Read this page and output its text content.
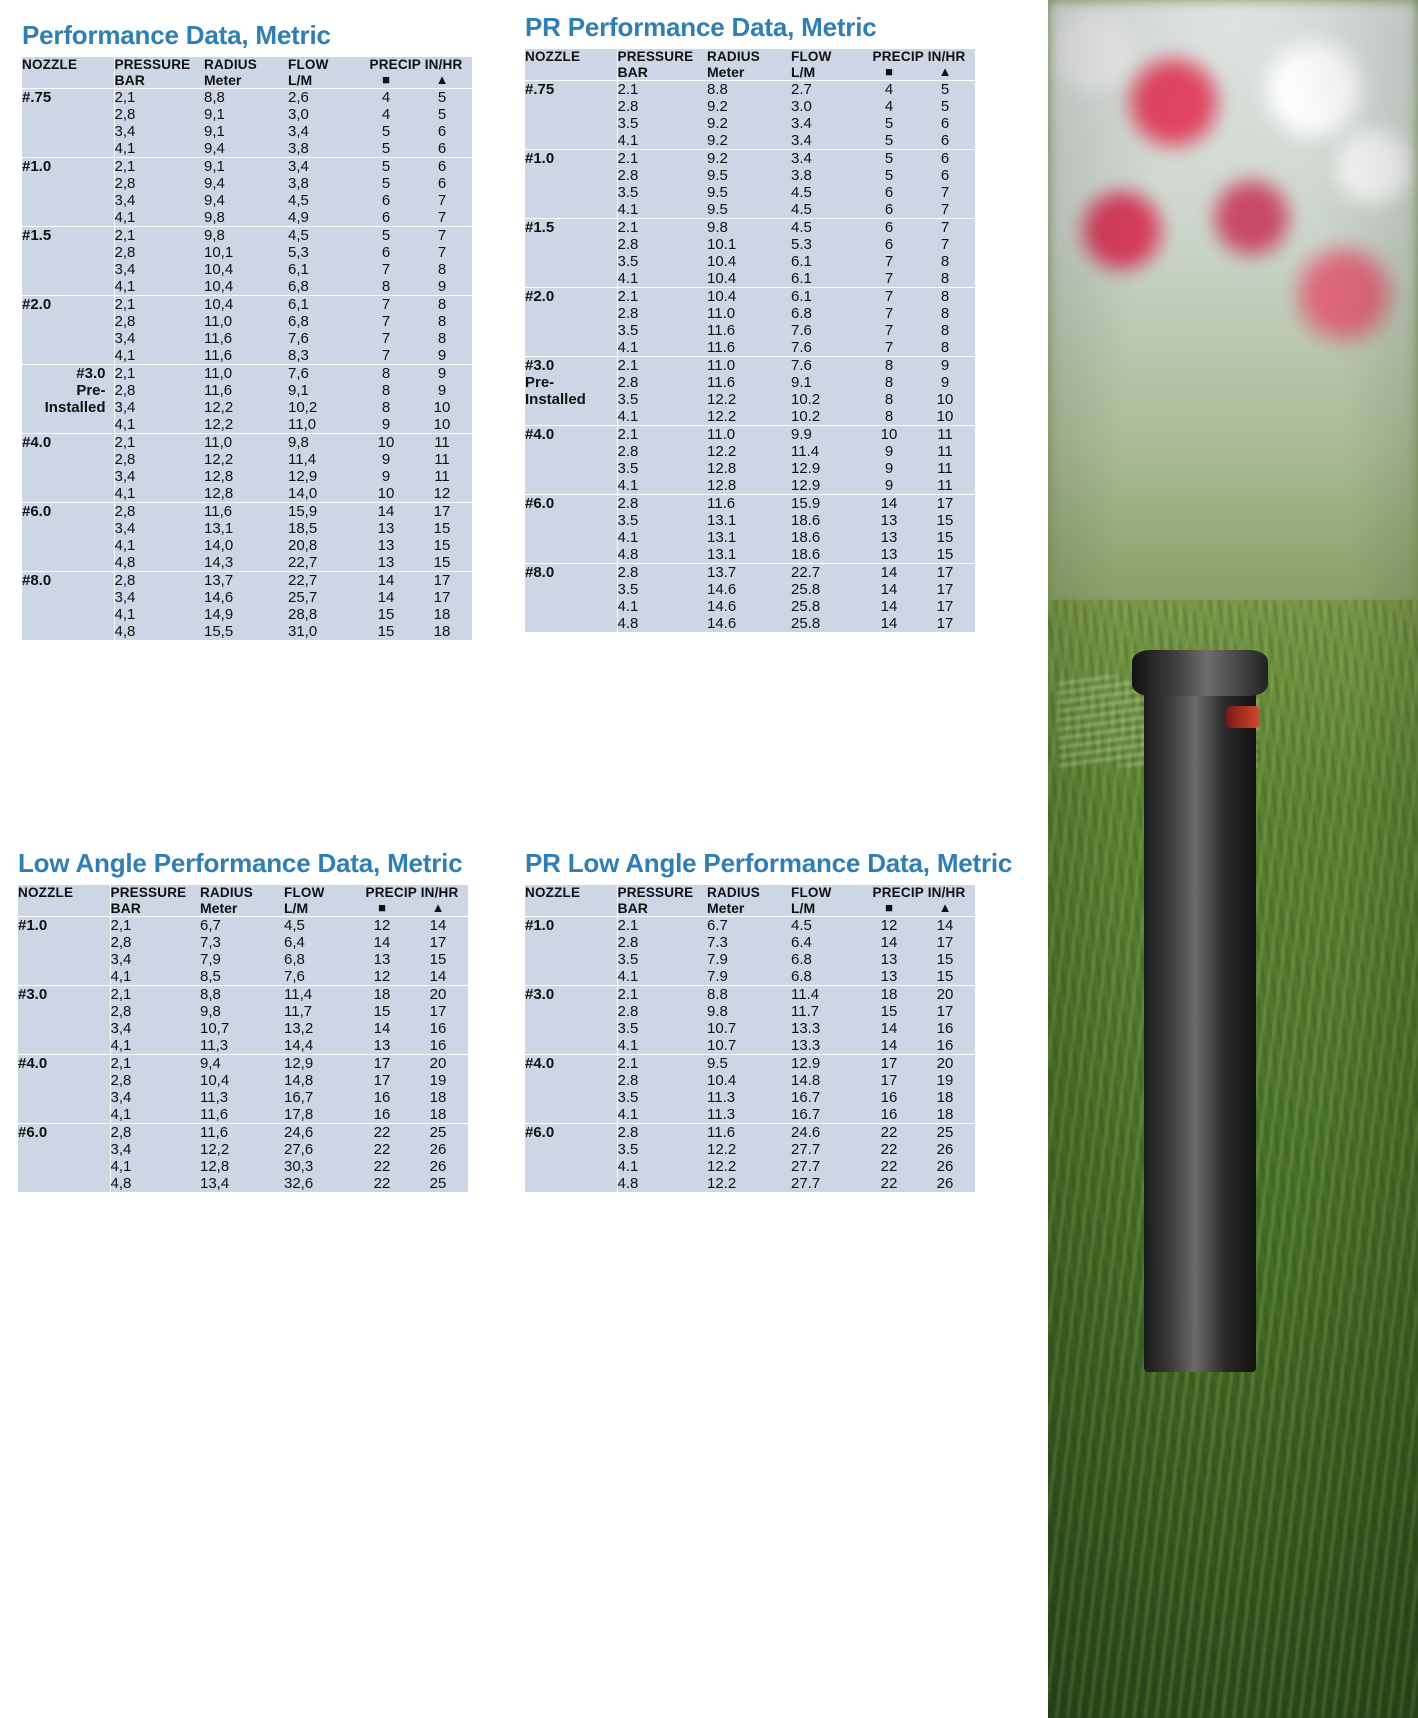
Performance Data, Metric
NOZZLE	PRESSURE	RADIUS	FLOW	PRECIP IN/HR	
	BAR	Meter	L/M	■	▲
#.75	2,1	8,8	2,6	4	5
	2,8	9,1	3,0	4	5
	3,4	9,1	3,4	5	6
	4,1	9,4	3,8	5	6
#1.0	2,1	9,1	3,4	5	6
	2,8	9,4	3,8	5	6
	3,4	9,4	4,5	6	7
	4,1	9,8	4,9	6	7
#1.5	2,1	9,8	4,5	5	7
	2,8	10,1	5,3	6	7
	3,4	10,4	6,1	7	8
	4,1	10,4	6,8	8	9
#2.0	2,1	10,4	6,1	7	8
	2,8	11,0	6,8	7	8
	3,4	11,6	7,6	7	8
	4,1	11,6	8,3	7	9
#3.0	2,1	11,0	7,6	8	9
Pre-	2,8	11,6	9,1	8	9
Installed	3,4	12,2	10,2	8	10
	4,1	12,2	11,0	9	10
#4.0	2,1	11,0	9,8	10	11
	2,8	12,2	11,4	9	11
	3,4	12,8	12,9	9	11
	4,1	12,8	14,0	10	12
#6.0	2,8	11,6	15,9	14	17
	3,4	13,1	18,5	13	15
	4,1	14,0	20,8	13	15
	4,8	14,3	22,7	13	15
#8.0	2,8	13,7	22,7	14	17
	3,4	14,6	25,7	14	17
	4,1	14,9	28,8	15	18
	4,8	15,5	31,0	15	18
PR Performance Data, Metric
NOZZLE	PRESSURE	RADIUS	FLOW	PRECIP IN/HR	
	BAR	Meter	L/M	■	▲
#.75	2.1	8.8	2.7	4	5
	2.8	9.2	3.0	4	5
	3.5	9.2	3.4	5	6
	4.1	9.2	3.4	5	6
#1.0	2.1	9.2	3.4	5	6
	2.8	9.5	3.8	5	6
	3.5	9.5	4.5	6	7
	4.1	9.5	4.5	6	7
#1.5	2.1	9.8	4.5	6	7
	2.8	10.1	5.3	6	7
	3.5	10.4	6.1	7	8
	4.1	10.4	6.1	7	8
#2.0	2.1	10.4	6.1	7	8
	2.8	11.0	6.8	7	8
	3.5	11.6	7.6	7	8
	4.1	11.6	7.6	7	8
#3.0	2.1	11.0	7.6	8	9
Pre-	2.8	11.6	9.1	8	9
Installed	3.5	12.2	10.2	8	10
	4.1	12.2	10.2	8	10
#4.0	2.1	11.0	9.9	10	11
	2.8	12.2	11.4	9	11
	3.5	12.8	12.9	9	11
	4.1	12.8	12.9	9	11
#6.0	2.8	11.6	15.9	14	17
	3.5	13.1	18.6	13	15
	4.1	13.1	18.6	13	15
	4.8	13.1	18.6	13	15
#8.0	2.8	13.7	22.7	14	17
	3.5	14.6	25.8	14	17
	4.1	14.6	25.8	14	17
	4.8	14.6	25.8	14	17
Low Angle Performance Data, Metric
NOZZLE	PRESSURE	RADIUS	FLOW	PRECIP IN/HR	
	BAR	Meter	L/M	■	▲
#1.0	2,1	6,7	4,5	12	14
	2,8	7,3	6,4	14	17
	3,4	7,9	6,8	13	15
	4,1	8,5	7,6	12	14
#3.0	2,1	8,8	11,4	18	20
	2,8	9,8	11,7	15	17
	3,4	10,7	13,2	14	16
	4,1	11,3	14,4	13	16
#4.0	2,1	9,4	12,9	17	20
	2,8	10,4	14,8	17	19
	3,4	11,3	16,7	16	18
	4,1	11,6	17,8	16	18
#6.0	2,8	11,6	24,6	22	25
	3,4	12,2	27,6	22	26
	4,1	12,8	30,3	22	26
	4,8	13,4	32,6	22	25
PR Low Angle Performance Data, Metric
NOZZLE	PRESSURE	RADIUS	FLOW	PRECIP IN/HR	
	BAR	Meter	L/M	■	▲
#1.0	2.1	6.7	4.5	12	14
	2.8	7.3	6.4	14	17
	3.5	7.9	6.8	13	15
	4.1	7.9	6.8	13	15
#3.0	2.1	8.8	11.4	18	20
	2.8	9.8	11.7	15	17
	3.5	10.7	13.3	14	16
	4.1	10.7	13.3	14	16
#4.0	2.1	9.5	12.9	17	20
	2.8	10.4	14.8	17	19
	3.5	11.3	16.7	16	18
	4.1	11.3	16.7	16	18
#6.0	2.8	11.6	24.6	22	25
	3.5	12.2	27.7	22	26
	4.1	12.2	27.7	22	26
	4.8	12.2	27.7	22	26
